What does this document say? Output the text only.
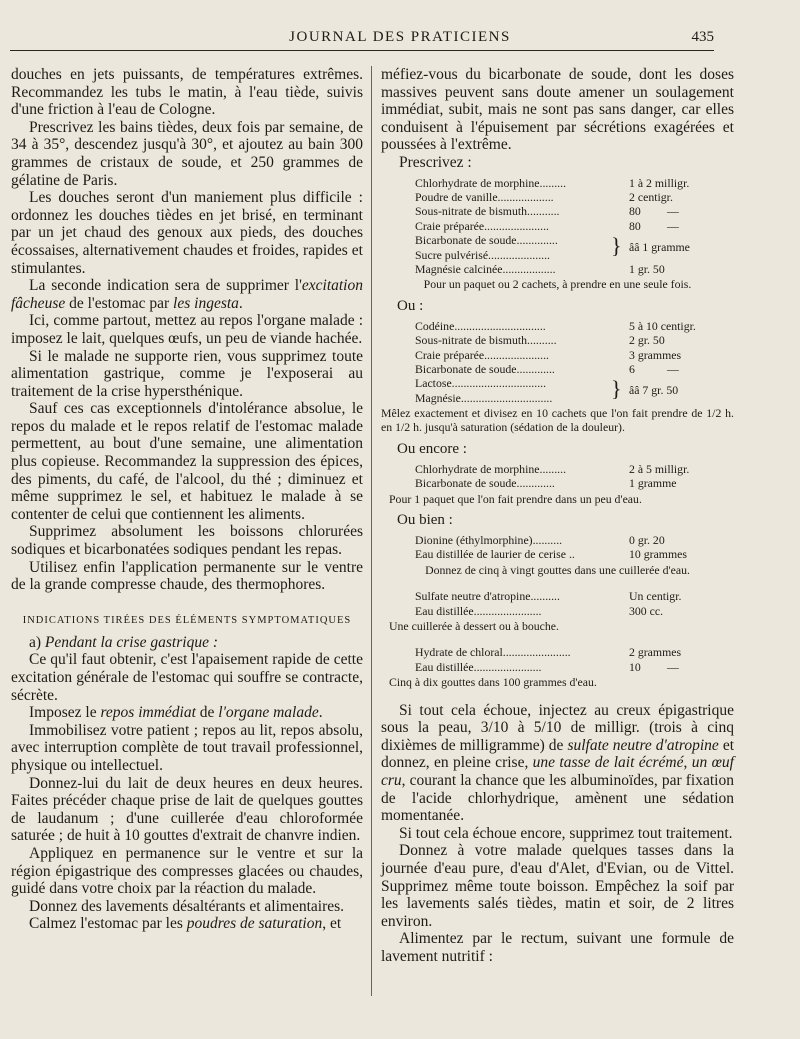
JOURNAL DES PRATICIENS	435
douches en jets puissants, de températures extrêmes. Recommandez les tubs le matin, à l'eau tiède, suivis d'une friction à l'eau de Cologne.
Prescrivez les bains tièdes, deux fois par semaine, de 34 à 35°, descendez jusqu'à 30°, et ajoutez au bain 300 grammes de cristaux de soude, et 250 grammes de gélatine de Paris.
Les douches seront d'un maniement plus difficile : ordonnez les douches tièdes en jet brisé, en terminant par un jet chaud des genoux aux pieds, des douches écossaises, alternativement chaudes et froides, rapides et stimulantes.
La seconde indication sera de supprimer l'excitation fâcheuse de l'estomac par les ingesta.
Ici, comme partout, mettez au repos l'organe malade : imposez le lait, quelques œufs, un peu de viande hachée.
Si le malade ne supporte rien, vous supprimez toute alimentation gastrique, comme je l'exposerai au traitement de la crise hypersthénique.
Sauf ces cas exceptionnels d'intolérance absolue, le repos du malade et le repos relatif de l'estomac malade permettent, au bout d'une semaine, une alimentation plus copieuse. Recommandez la suppression des épices, des piments, du café, de l'alcool, du thé ; diminuez et même supprimez le sel, et habituez le malade à se contenter de celui que contiennent les aliments.
Supprimez absolument les boissons chlorurées sodiques et bicarbonatées sodiques pendant les repas.
Utilisez enfin l'application permanente sur le ventre de la grande compresse chaude, des thermophores.
INDICATIONS TIRÉES DES ÉLÉMENTS SYMPTOMATIQUES
a) Pendant la crise gastrique :
Ce qu'il faut obtenir, c'est l'apaisement rapide de cette excitation générale de l'estomac qui souffre se contracte, sécrète.
Imposez le repos immédiat de l'organe malade.
Immobilisez votre patient ; repos au lit, repos absolu, avec interruption complète de tout travail professionnel, physique ou intellectuel.
Donnez-lui du lait de deux heures en deux heures. Faites précéder chaque prise de lait de quelques gouttes de laudanum ; d'une cuillerée d'eau chloroformée saturée ; de huit à 10 gouttes d'extrait de chanvre indien.
Appliquez en permanence sur le ventre et sur la région épigastrique des compresses glacées ou chaudes, guidé dans votre choix par la réaction du malade.
Donnez des lavements désaltérants et alimentaires.
Calmez l'estomac par les poudres de saturation, et
méfiez-vous du bicarbonate de soude, dont les doses massives peuvent sans doute amener un soulagement immédiat, subit, mais ne sont pas sans danger, car elles conduisent à l'épuisement par sécrétions exagérées et poussées à l'extrême.
Prescrivez :
Chlorhydrate de morphine.........	1 à 2 milligr.
Poudre de vanille...................	2 centigr.
Sous-nitrate de bismuth...........	80 —
Craie préparée......................	80 —
Bicarbonate de soude..............
Sucre pulvérisé.....................	} ââ 1 gramme
Magnésie calcinée..................	1 gr. 50
Pour un paquet ou 2 cachets, à prendre en une seule fois.
Ou :
Codéine...............................	5 à 10 centigr.
Sous-nitrate de bismuth..........	2 gr. 50
Craie préparée......................	3 grammes
Bicarbonate de soude.............	6	—
Lactose................................
Magnésie...............................	} ââ 7 gr. 50
Mêlez exactement et divisez en 10 cachets que l'on fait prendre de 1/2 h. en 1/2 h. jusqu'à saturation (sédation de la douleur).
Ou encore :
Chlorhydrate de morphine.........	2 à 5 milligr.
Bicarbonate de soude.............	1 gramme
Pour 1 paquet que l'on fait prendre dans un peu d'eau.
Ou bien :
Dionine (éthylmorphine)..........	0 gr. 20
Eau distillée de laurier de cerise ..	10 grammes
Donnez de cinq à vingt gouttes dans une cuillerée d'eau.
Sulfate neutre d'atropine..........	Un centigr.
Eau distillée.......................	300 cc.
Une cuillerée à dessert ou à bouche.
Hydrate de chloral.......................	2 grammes
Eau distillée.......................	10 —
Cinq à dix gouttes dans 100 grammes d'eau.
Si tout cela échoue, injectez au creux épigastrique sous la peau, 3/10 à 5/10 de milligr. (trois à cinq dixièmes de milligramme) de sulfate neutre d'atropine et donnez, en pleine crise, une tasse de lait écrémé, un œuf cru, courant la chance que les albuminoïdes, par fixation de l'acide chlorhydrique, amènent une sédation momentanée.
Si tout cela échoue encore, supprimez tout traitement.
Donnez à votre malade quelques tasses dans la journée d'eau pure, d'eau d'Alet, d'Evian, ou de Vittel. Supprimez même toute boisson. Empêchez la soif par les lavements salés tièdes, matin et soir, de 2 litres environ.
Alimentez par le rectum, suivant une formule de lavement nutritif :
